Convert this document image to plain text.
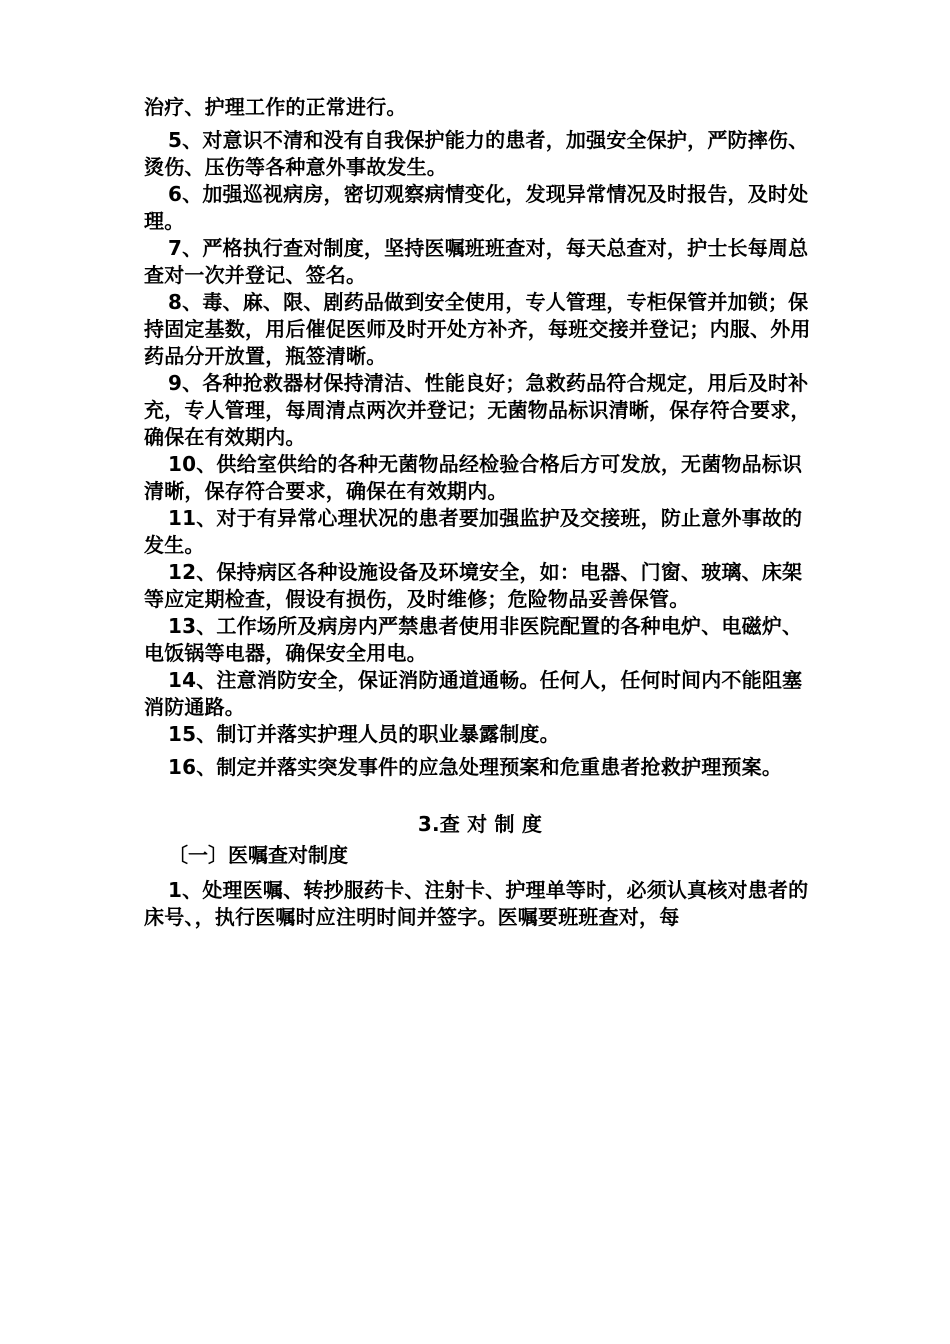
治疗、护理工作的正常进行。

5、对意识不清和没有自我保护能力的患者，加强安全保护，严防摔伤、烫伤、压伤等各种意外事故发生。

6、加强巡视病房，密切观察病情变化，发现异常情况及时报告，及时处理。

7、严格执行查对制度，坚持医嘱班班查对，每天总查对，护士长每周总查对一次并登记、签名。

8、毒、麻、限、剧药品做到安全使用，专人管理，专柜保管并加锁；保持固定基数，用后催促医师及时开处方补齐，每班交接并登记；内服、外用药品分开放置，瓶签清晰。

9、各种抢救器材保持清洁、性能良好；急救药品符合规定，用后及时补充，专人管理，每周清点两次并登记；无菌物品标识清晰，保存符合要求，确保在有效期内。

10、供给室供给的各种无菌物品经检验合格后方可发放，无菌物品标识清晰，保存符合要求，确保在有效期内。

11、对于有异常心理状况的患者要加强监护及交接班，防止意外事故的发生。

12、保持病区各种设施设备及环境安全，如：电器、门窗、玻璃、床架等应定期检查，假设有损伤，及时维修；危险物品妥善保管。

13、工作场所及病房内严禁患者使用非医院配置的各种电炉、电磁炉、电饭锅等电器，确保安全用电。

14、注意消防安全，保证消防通道通畅。任何人，任何时间内不能阻塞消防通路。

15、制订并落实护理人员的职业暴露制度。

16、制定并落实突发事件的应急处理预案和危重患者抢救护理预案。

3.查 对 制 度
〔一〕医嘱查对制度

1、处理医嘱、转抄服药卡、注射卡、护理单等时，必须认真核对患者的床号、，执行医嘱时应注明时间并签字。医嘱要班班查对，每
